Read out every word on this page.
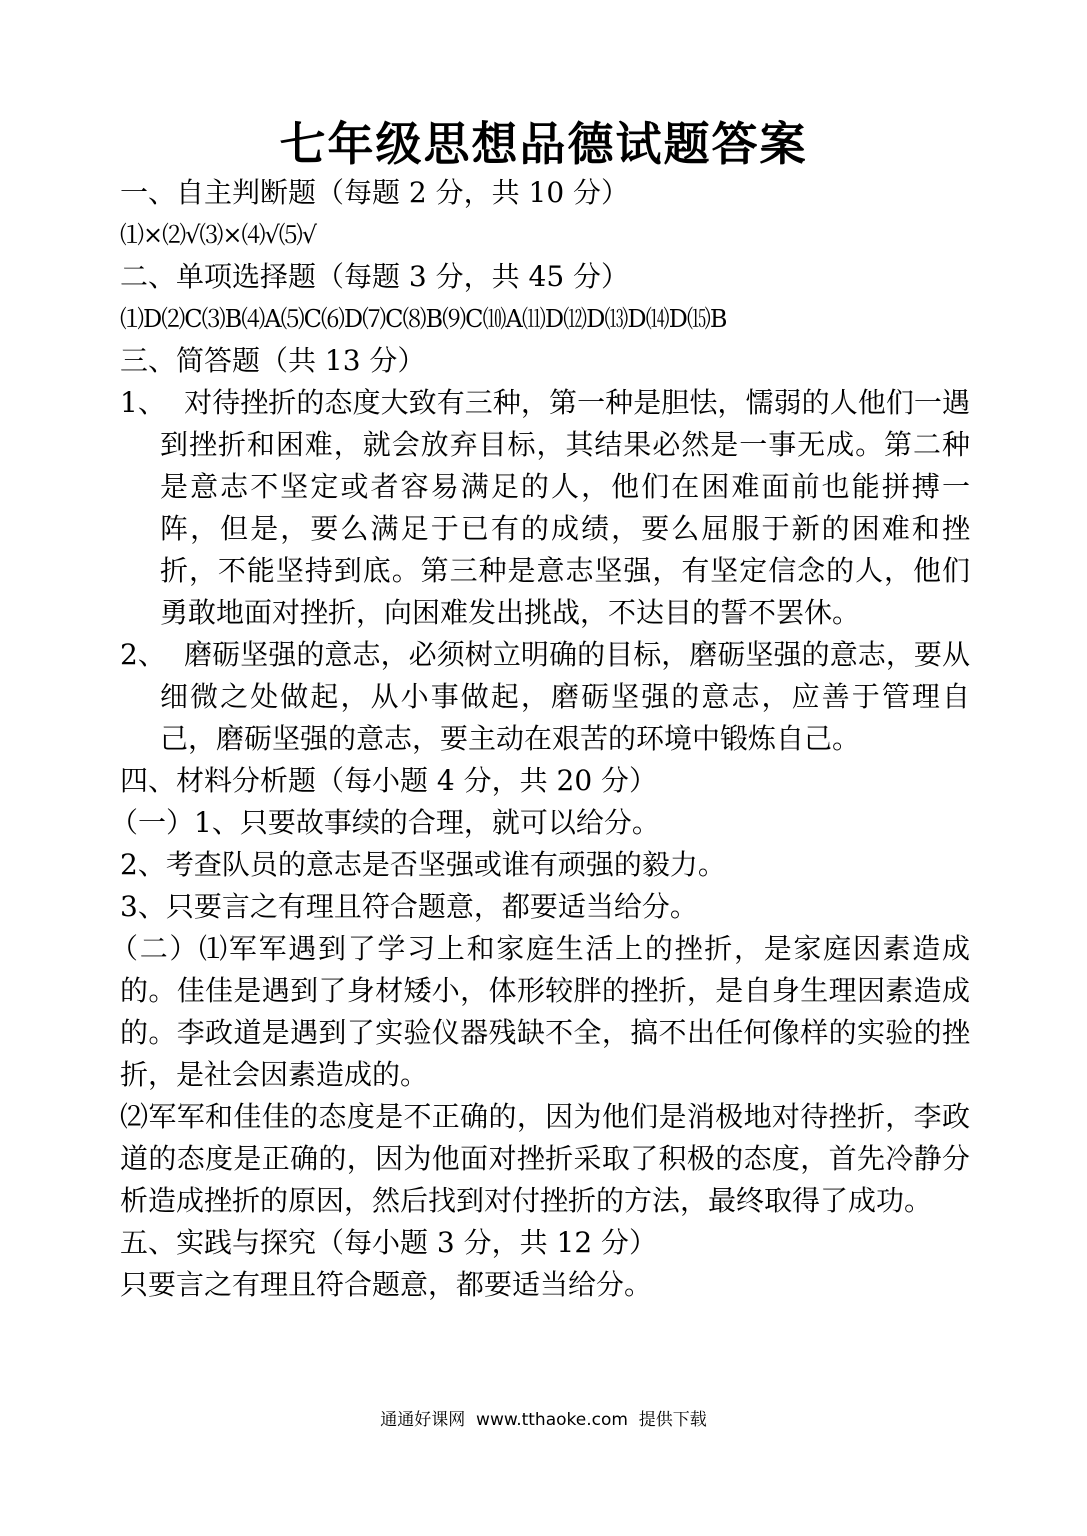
七年级思想品德试题答案

一、自主判断题（每题 2 分，共 10 分）

⑴×⑵√⑶×⑷√⑸√

二、单项选择题（每题 3 分，共 45 分）

⑴D⑵C⑶B⑷A⑸C⑹D⑺C⑻B⑼C⑽A⑾D⑿D⒀D⒁D⒂B

三、简答题（共 13 分）

1、 对待挫折的态度大致有三种，第一种是胆怯，懦弱的人他们一遇到挫折和困难，就会放弃目标，其结果必然是一事无成。第二种是意志不坚定或者容易满足的人，他们在困难面前也能拼搏一阵，但是，要么满足于已有的成绩，要么屈服于新的困难和挫折，不能坚持到底。第三种是意志坚强，有坚定信念的人，他们勇敢地面对挫折，向困难发出挑战，不达目的誓不罢休。

2、 磨砺坚强的意志，必须树立明确的目标，磨砺坚强的意志，要从细微之处做起，从小事做起，磨砺坚强的意志，应善于管理自己，磨砺坚强的意志，要主动在艰苦的环境中锻炼自己。

四、材料分析题（每小题 4 分，共 20 分）

（一）1、只要故事续的合理，就可以给分。

2、考查队员的意志是否坚强或谁有顽强的毅力。

3、只要言之有理且符合题意，都要适当给分。

（二）⑴军军遇到了学习上和家庭生活上的挫折，是家庭因素造成的。佳佳是遇到了身材矮小，体形较胖的挫折，是自身生理因素造成的。李政道是遇到了实验仪器残缺不全，搞不出任何像样的实验的挫折，是社会因素造成的。

⑵军军和佳佳的态度是不正确的，因为他们是消极地对待挫折，李政道的态度是正确的，因为他面对挫折采取了积极的态度，首先冷静分析造成挫折的原因，然后找到对付挫折的方法，最终取得了成功。

五、实践与探究（每小题 3 分，共 12 分）

只要言之有理且符合题意，都要适当给分。

通通好课网  www.tthaoke.com  提供下载
